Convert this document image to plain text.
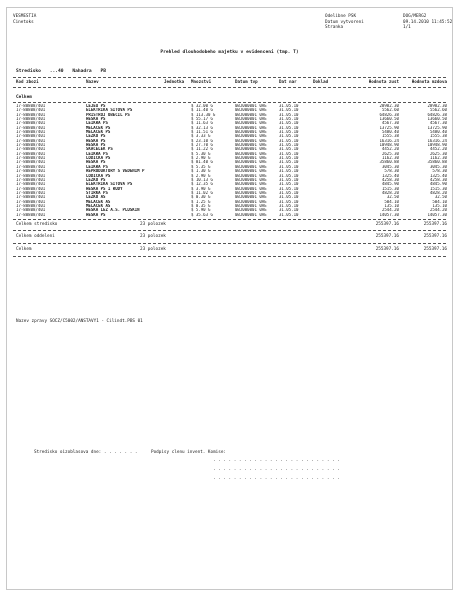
VESMESTIA
Cinetoks
Odelibne PSK	DOG/MERG2
Datum vytvoreni	09.14.2010 11:45:52
Stranka	1/1
Prehled dlouhodobeho majetku v evidenceni (tmp. T)
Stredisko ...40 Nahadra PB
Kod zbozi	Nazev	Jednotka	Mnozstvi	Datum tvp	Dat nar	Doklad	Hodnota zust	Hodnota mzdova
Celkem
17-80808/401	LEJEU PS	$ 32.00 G	0BJ000001 0AE	31.05.10	28982.30	28982.30
17-80808/401	ELEKTRIKA SITOVA PS	$ 11.40 G	0BJ000001 0AE	31.05.10	5562.60	5562.60
17-80808/401	PRISTROJ OBECIL PS	$ 113.30 G	0BJ000001 0AE	31.05.10	64826.38	64826.38
17-80808/401	HESKA PS	$ 55.17 G	0BJ000001 0AE	31.05.10	13660.50	13660.50
17-80808/401	LEIKRA PS	$ 11.63 G	0BJ000001 0AE	31.05.10	4567.30	4567.30
17-80808/401	MELACEK PS	$ 32.13 G	0BJ000001 0AE	31.05.10	13725.90	13725.90
17-80808/401	MELACEK PS	$ 11.51 G	0BJ000001 0AE	31.05.10	5480.40	5480.40
17-80808/401	LEZKO PS	$ 3.33 G	0BJ000001 0AE	31.05.10	1555.38	1555.38
17-80808/401	HESKA PS	$ 23.10 G	0BJ000001 0AE	31.05.10	16316.24	16316.24
17-80808/401	HESKA PS	$ 27.70 G	0BJ000001 0AE	31.05.10	10948.90	10948.90
17-80808/401	SKACELEK PS	$ 11.22 G	0BJ000001 0AE	31.05.10	4452.20	4452.20
17-80808/401	LEIKRA PS	$ 5.30 G	0BJ000001 0AE	31.05.10	2625.30	2625.30
17-80808/401	LODICKA PS	$ 2.90 G	0BJ000001 0AE	31.05.10	1162.30	1162.30
17-80808/401	HESKA PS	$ 81.40 G	0BJ000001 0AE	31.05.10	35860.88	35860.88
17-80808/401	LEIKRA PS	$ 5.35 G	0BJ000001 0AE	31.05.10	3045.30	3045.30
17-80808/401	REPRODUKTORY S VEDENIM P	$ 1.30 G	0BJ000001 0AE	31.05.10	578.30	578.30
17-80808/401	LODICKA PS	$ 2.90 G	0BJ000001 0AE	31.05.10	1325.40	1325.40
17-80808/401	LEZKO PS	$ 10.13 G	0BJ000001 0AE	31.05.10	4258.30	4258.30
17-80808/401	ELEKTRIKA SITOVA PS	$ 12.35 G	0BJ000001 0AE	31.05.10	4845.90	4845.90
17-80808/401	HESKA PS 1 RUDY	$ 3.90 G	0BJ000001 0AE	31.05.10	1515.30	1515.30
17-80808/401	STIRKA PS	$ 11.02 G	0BJ000001 0AE	31.05.10	4828.20	4828.20
17-80808/401	LEZKO AS	$ 0.30 G	0BJ000001 0AE	31.05.10	32.50	32.50
17-80808/401	MELACEK AS	$ 1.25 G	0BJ000001 0AE	31.05.10	504.10	504.10
17-80808/401	MELACEK AS	$ 0.35 G	0BJ000001 0AE	31.05.10	135.10	135.10
17-80808/401	HESKA LEZ A.S. PLUSKIN	$ 5.90 G	0BJ000001 0AE	31.05.10	2544.20	2544.20
17-80808/401	HESKA PS	$ 35.63 G	0BJ000001 0AE	31.05.10	14057.30	14057.30
Celkem stredisko	23 polozek	255397.16	255397.16
Celkem oddeleni	23 polozek	255397.16	255397.16
Celkem	23 polozek	255397.16	255397.16
Nazev zpravy SOCZ/C5002/ANSTAVY1 - Cilindt.PBS 01
Stredisko oizoblasova dne: . . . . . . .	Podpisy clenu invent. Komise:
. . . . . . . . . . . . . . . . . . . . . . . . .
. . . . . . . . . . . . . . . . . . . . . . . . .
. . . . . . . . . . . . . . . . . . . . . . . . .
